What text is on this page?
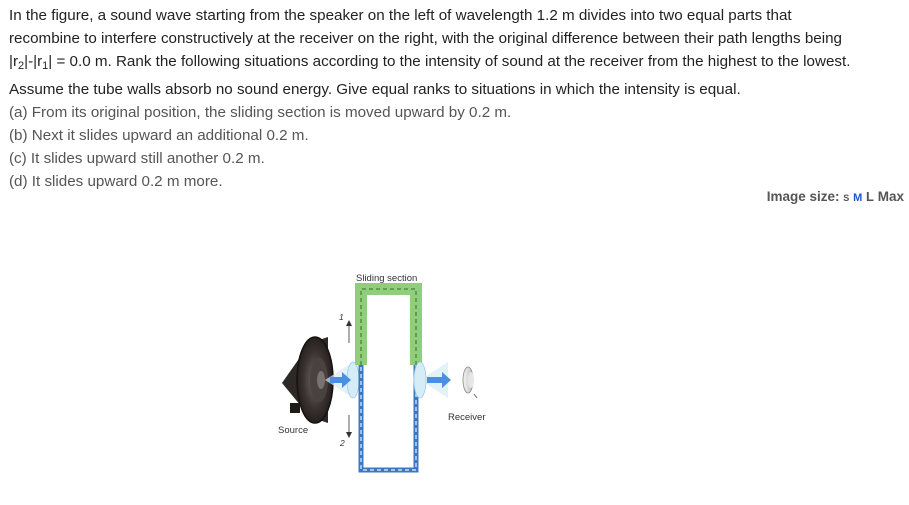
In the figure, a sound wave starting from the speaker on the left of wavelength 1.2 m divides into two equal parts that

recombine to interfere constructively at the receiver on the right, with the original difference between their path lengths being

$|r_2|-|r_1| = 0.0$ m. Rank the following situations according to the intensity of sound at the receiver from the highest to the lowest.

Assume the tube walls absorb no sound energy. Give equal ranks to situations in which the intensity is equal.

(a) From its original position, the sliding section is moved upward by 0.2 m.

(b) Next it slides upward an additional 0.2 m.

(c) It slides upward still another 0.2 m.

(d) It slides upward 0.2 m more.

Image size: S M L Max
Sliding section
Receiver
Source
1
2
